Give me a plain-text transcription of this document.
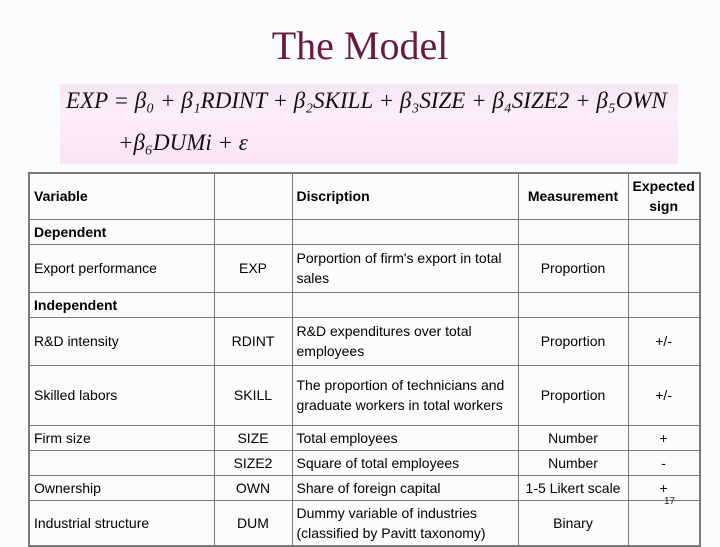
The Model
EXP = β₀ + β₁RDINT + β₂SKILL + β₃SIZE + β₄SIZE2 + β₅OWN
+β₆DUMi + ε
Variable		Discription	Measurement	Expected sign
Dependent				
Export performance	EXP	Porportion of firm's export in total sales	Proportion	
Independent				
R&D intensity	RDINT	R&D expenditures over total employees	Proportion	+/-
Skilled labors	SKILL	The proportion of technicians and graduate workers in total workers	Proportion	+/-
Firm size	SIZE	Total employees	Number	+
	SIZE2	Square of total employees	Number	-
Ownership	OWN	Share of foreign capital	1-5 Likert scale	+
Industrial structure	DUM	Dummy variable of industries (classified by Pavitt taxonomy)	Binary	
17
